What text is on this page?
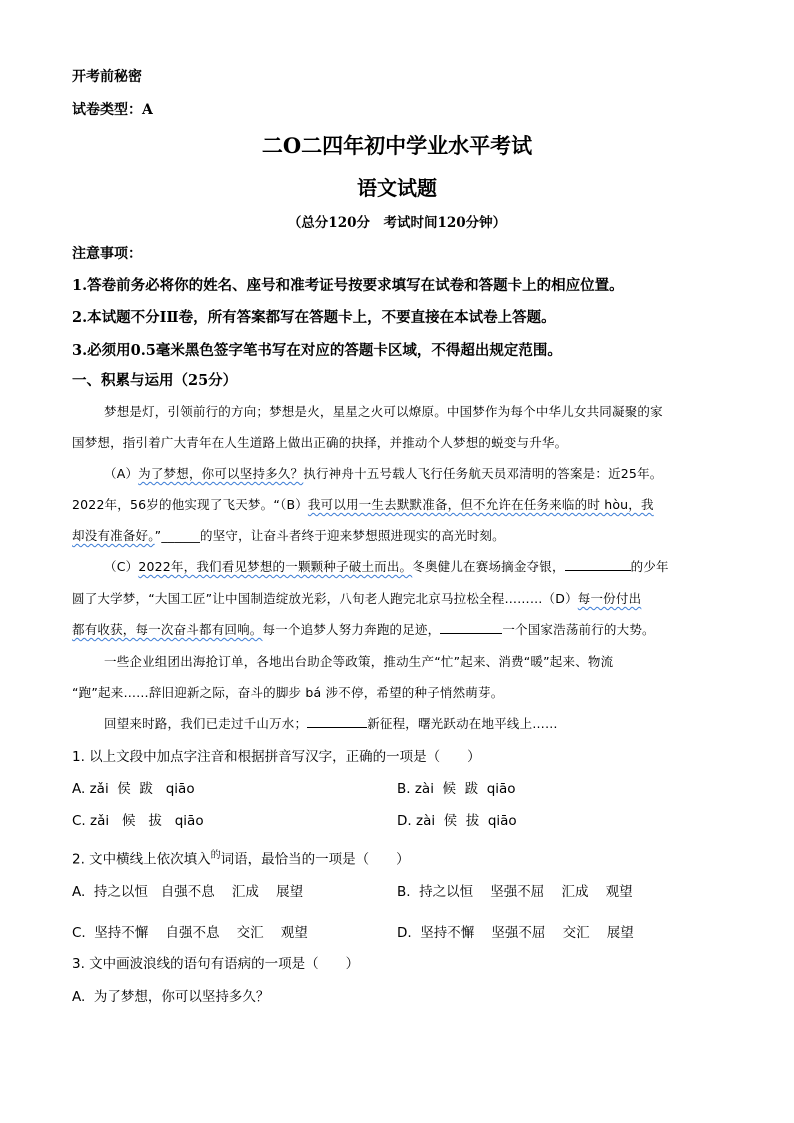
开考前秘密
试卷类型：A
二O二四年初中学业水平考试
语文试题
（总分120分　考试时间120分钟）
注意事项：
1.答卷前务必将你的姓名、座号和准考证号按要求填写在试卷和答题卡上的相应位置。
2.本试题不分ⅠⅡ卷，所有答案都写在答题卡上，不要直接在本试卷上答题。
3.必须用0.5毫米黑色签字笔书写在对应的答题卡区域，不得超出规定范围。
一、积累与运用（25分）
梦想是灯，引领前行的方向；梦想是火，星星之火可以燎原。中国梦作为每个中华儿女共同凝聚的家
国梦想，指引着广大青年在人生道路上做出正确的抉择，并推动个人梦想的蜕变与升华。
（A）为了梦想，你可以坚持多久？执行神舟十五号载人飞行任务航天员邓清明的答案是：近25年。
2022年，56岁的他实现了飞天梦。“（B）我可以用一生去默默准备，但不允许在任务来临的时 hòu，我
却没有准备好。”______的坚守，让奋斗者终于迎来梦想照进现实的高光时刻。
（C）2022年，我们看见梦想的一颗颗种子破土而出。冬奥健儿在赛场摘金夺银，	的少年
圆了大学梦，“大国工匠”让中国制造绽放光彩，八旬老人跑完北京马拉松全程………（D）每一份付出
都有收获，每一次奋斗都有回响。每一个追梦人努力奔跑的足迹，	一个国家浩荡前行的大势。
一些企业组团出海抢订单，各地出台助企等政策，推动生产“忙”起来、消费“暖”起来、物流
“跑”起来……辞旧迎新之际，奋斗的脚步 bá 涉不停，希望的种子悄然萌芽。
回望来时路，我们已走过千山万水；	新征程，曙光跃动在地平线上……
1. 以上文段中加点字注音和根据拼音写汉字，正确的一项是（　　）
A. zǎi  侯  跋   qiāo	B. zài  候  跋  qiāo
C. zǎi   候   拔   qiāo	D. zài  侯  拔  qiāo
2. 文中横线上依次填入$^的$词语，最恰当的一项是（　　）
A.  持之以恒   自强不息    汇成    展望	B.  持之以恒    坚强不屈    汇成    观望
C.  坚持不懈    自强不息    交汇    观望	D.  坚持不懈    坚强不屈    交汇    展望
3. 文中画波浪线的语句有语病的一项是（　　）
A.  为了梦想，你可以坚持多久？
